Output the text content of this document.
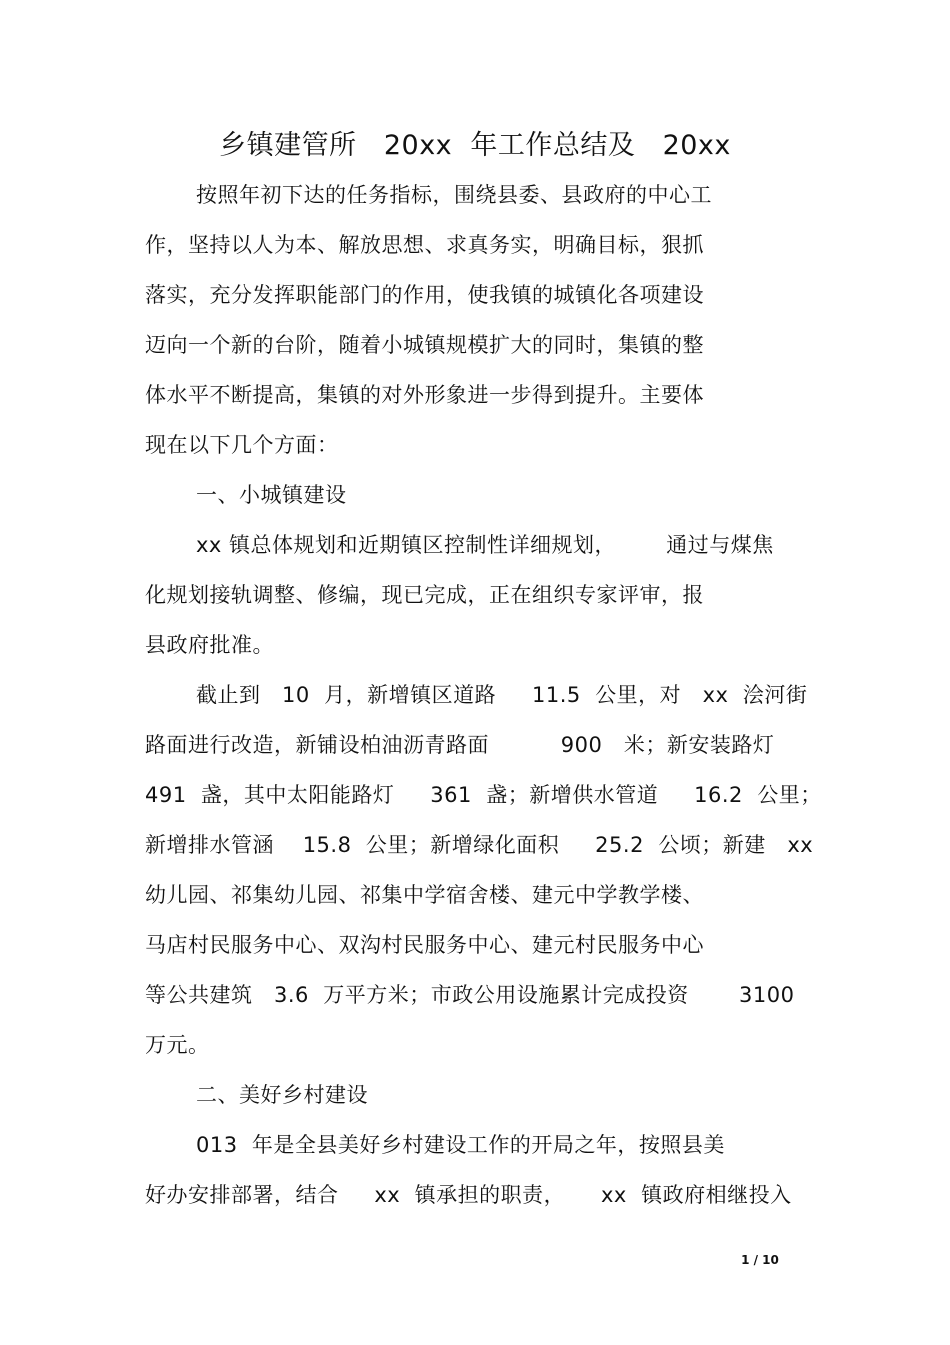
乡镇建管所   20xx  年工作总结及   20xx
按照年初下达的任务指标，围绕县委、县政府的中心工
作，坚持以人为本、解放思想、求真务实，明确目标，狠抓
落实，充分发挥职能部门的作用，使我镇的城镇化各项建设
迈向一个新的台阶，随着小城镇规模扩大的同时，集镇的整
体水平不断提高，集镇的对外形象进一步得到提升。主要体
现在以下几个方面：
一、小城镇建设
xx 镇总体规划和近期镇区控制性详细规划，       通过与煤焦
化规划接轨调整、修编，现已完成，正在组织专家评审，报
县政府批准。
截止到   10  月，新增镇区道路     11.5  公里，对   xx  浍河街
路面进行改造，新铺设柏油沥青路面          900   米；新安装路灯
491  盏，其中太阳能路灯     361  盏；新增供水管道     16.2  公里；
新增排水管涵    15.8  公里；新增绿化面积     25.2  公顷；新建   xx
幼儿园、祁集幼儿园、祁集中学宿舍楼、建元中学教学楼、
马店村民服务中心、双沟村民服务中心、建元村民服务中心
等公共建筑   3.6  万平方米；市政公用设施累计完成投资       3100
万元。
二、美好乡村建设
013  年是全县美好乡村建设工作的开局之年，按照县美
好办安排部署，结合     xx  镇承担的职责，     xx  镇政府相继投入
1 / 10
